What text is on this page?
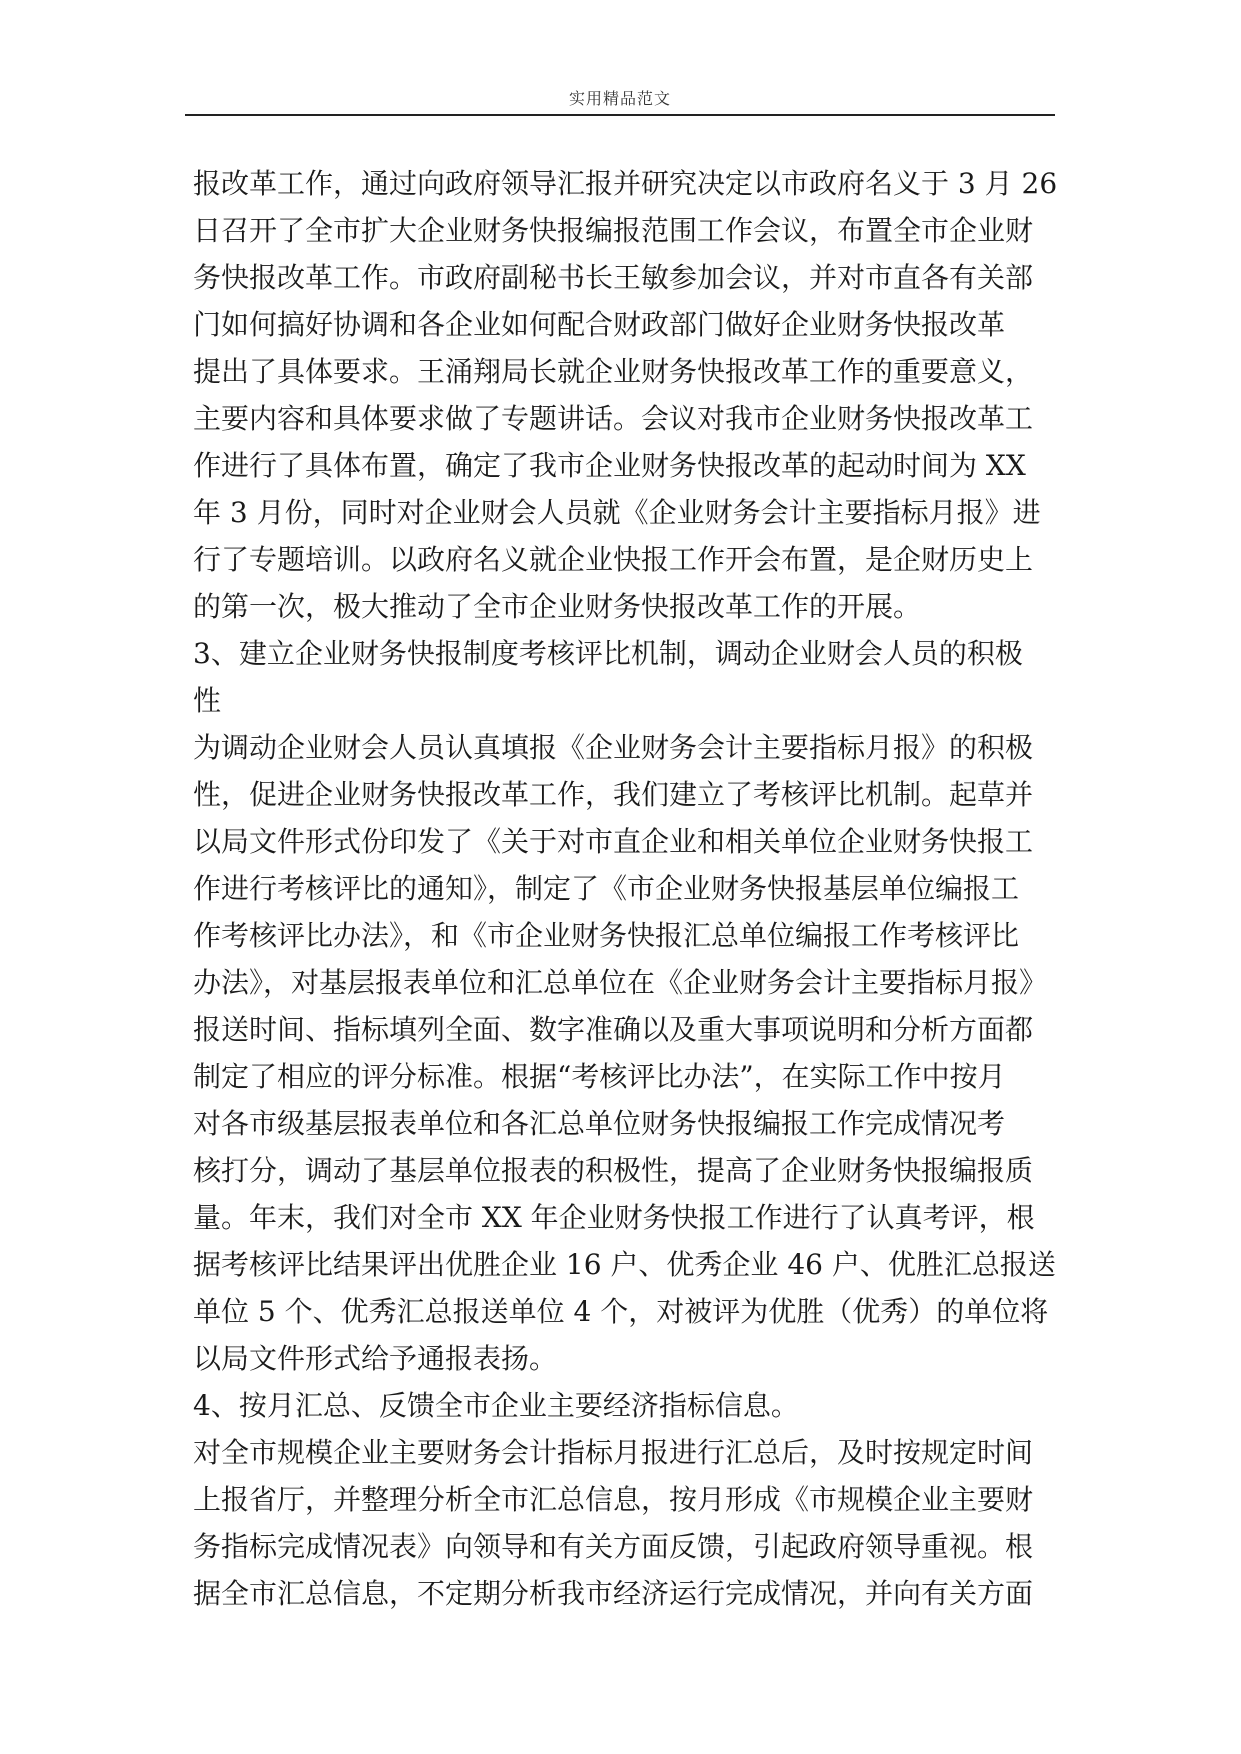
实用精品范文
报改革工作，通过向政府领导汇报并研究决定以市政府名义于 3 月 26
日召开了全市扩大企业财务快报编报范围工作会议，布置全市企业财
务快报改革工作。市政府副秘书长王敏参加会议，并对市直各有关部
门如何搞好协调和各企业如何配合财政部门做好企业财务快报改革
提出了具体要求。王涌翔局长就企业财务快报改革工作的重要意义，
主要内容和具体要求做了专题讲话。会议对我市企业财务快报改革工
作进行了具体布置，确定了我市企业财务快报改革的起动时间为 XX
年 3 月份，同时对企业财会人员就《企业财务会计主要指标月报》进
行了专题培训。以政府名义就企业快报工作开会布置，是企财历史上
的第一次，极大推动了全市企业财务快报改革工作的开展。
3、建立企业财务快报制度考核评比机制，调动企业财会人员的积极
性
为调动企业财会人员认真填报《企业财务会计主要指标月报》的积极
性，促进企业财务快报改革工作，我们建立了考核评比机制。起草并
以局文件形式份印发了《关于对市直企业和相关单位企业财务快报工
作进行考核评比的通知》，制定了《市企业财务快报基层单位编报工
作考核评比办法》，和《市企业财务快报汇总单位编报工作考核评比
办法》，对基层报表单位和汇总单位在《企业财务会计主要指标月报》
报送时间、指标填列全面、数字准确以及重大事项说明和分析方面都
制定了相应的评分标准。根据“考核评比办法”，在实际工作中按月
对各市级基层报表单位和各汇总单位财务快报编报工作完成情况考
核打分，调动了基层单位报表的积极性，提高了企业财务快报编报质
量。年末，我们对全市 XX 年企业财务快报工作进行了认真考评，根
据考核评比结果评出优胜企业 16 户、优秀企业 46 户、优胜汇总报送
单位 5 个、优秀汇总报送单位 4 个，对被评为优胜（优秀）的单位将
以局文件形式给予通报表扬。
4、按月汇总、反馈全市企业主要经济指标信息。
对全市规模企业主要财务会计指标月报进行汇总后，及时按规定时间
上报省厅，并整理分析全市汇总信息，按月形成《市规模企业主要财
务指标完成情况表》向领导和有关方面反馈，引起政府领导重视。根
据全市汇总信息，不定期分析我市经济运行完成情况，并向有关方面
